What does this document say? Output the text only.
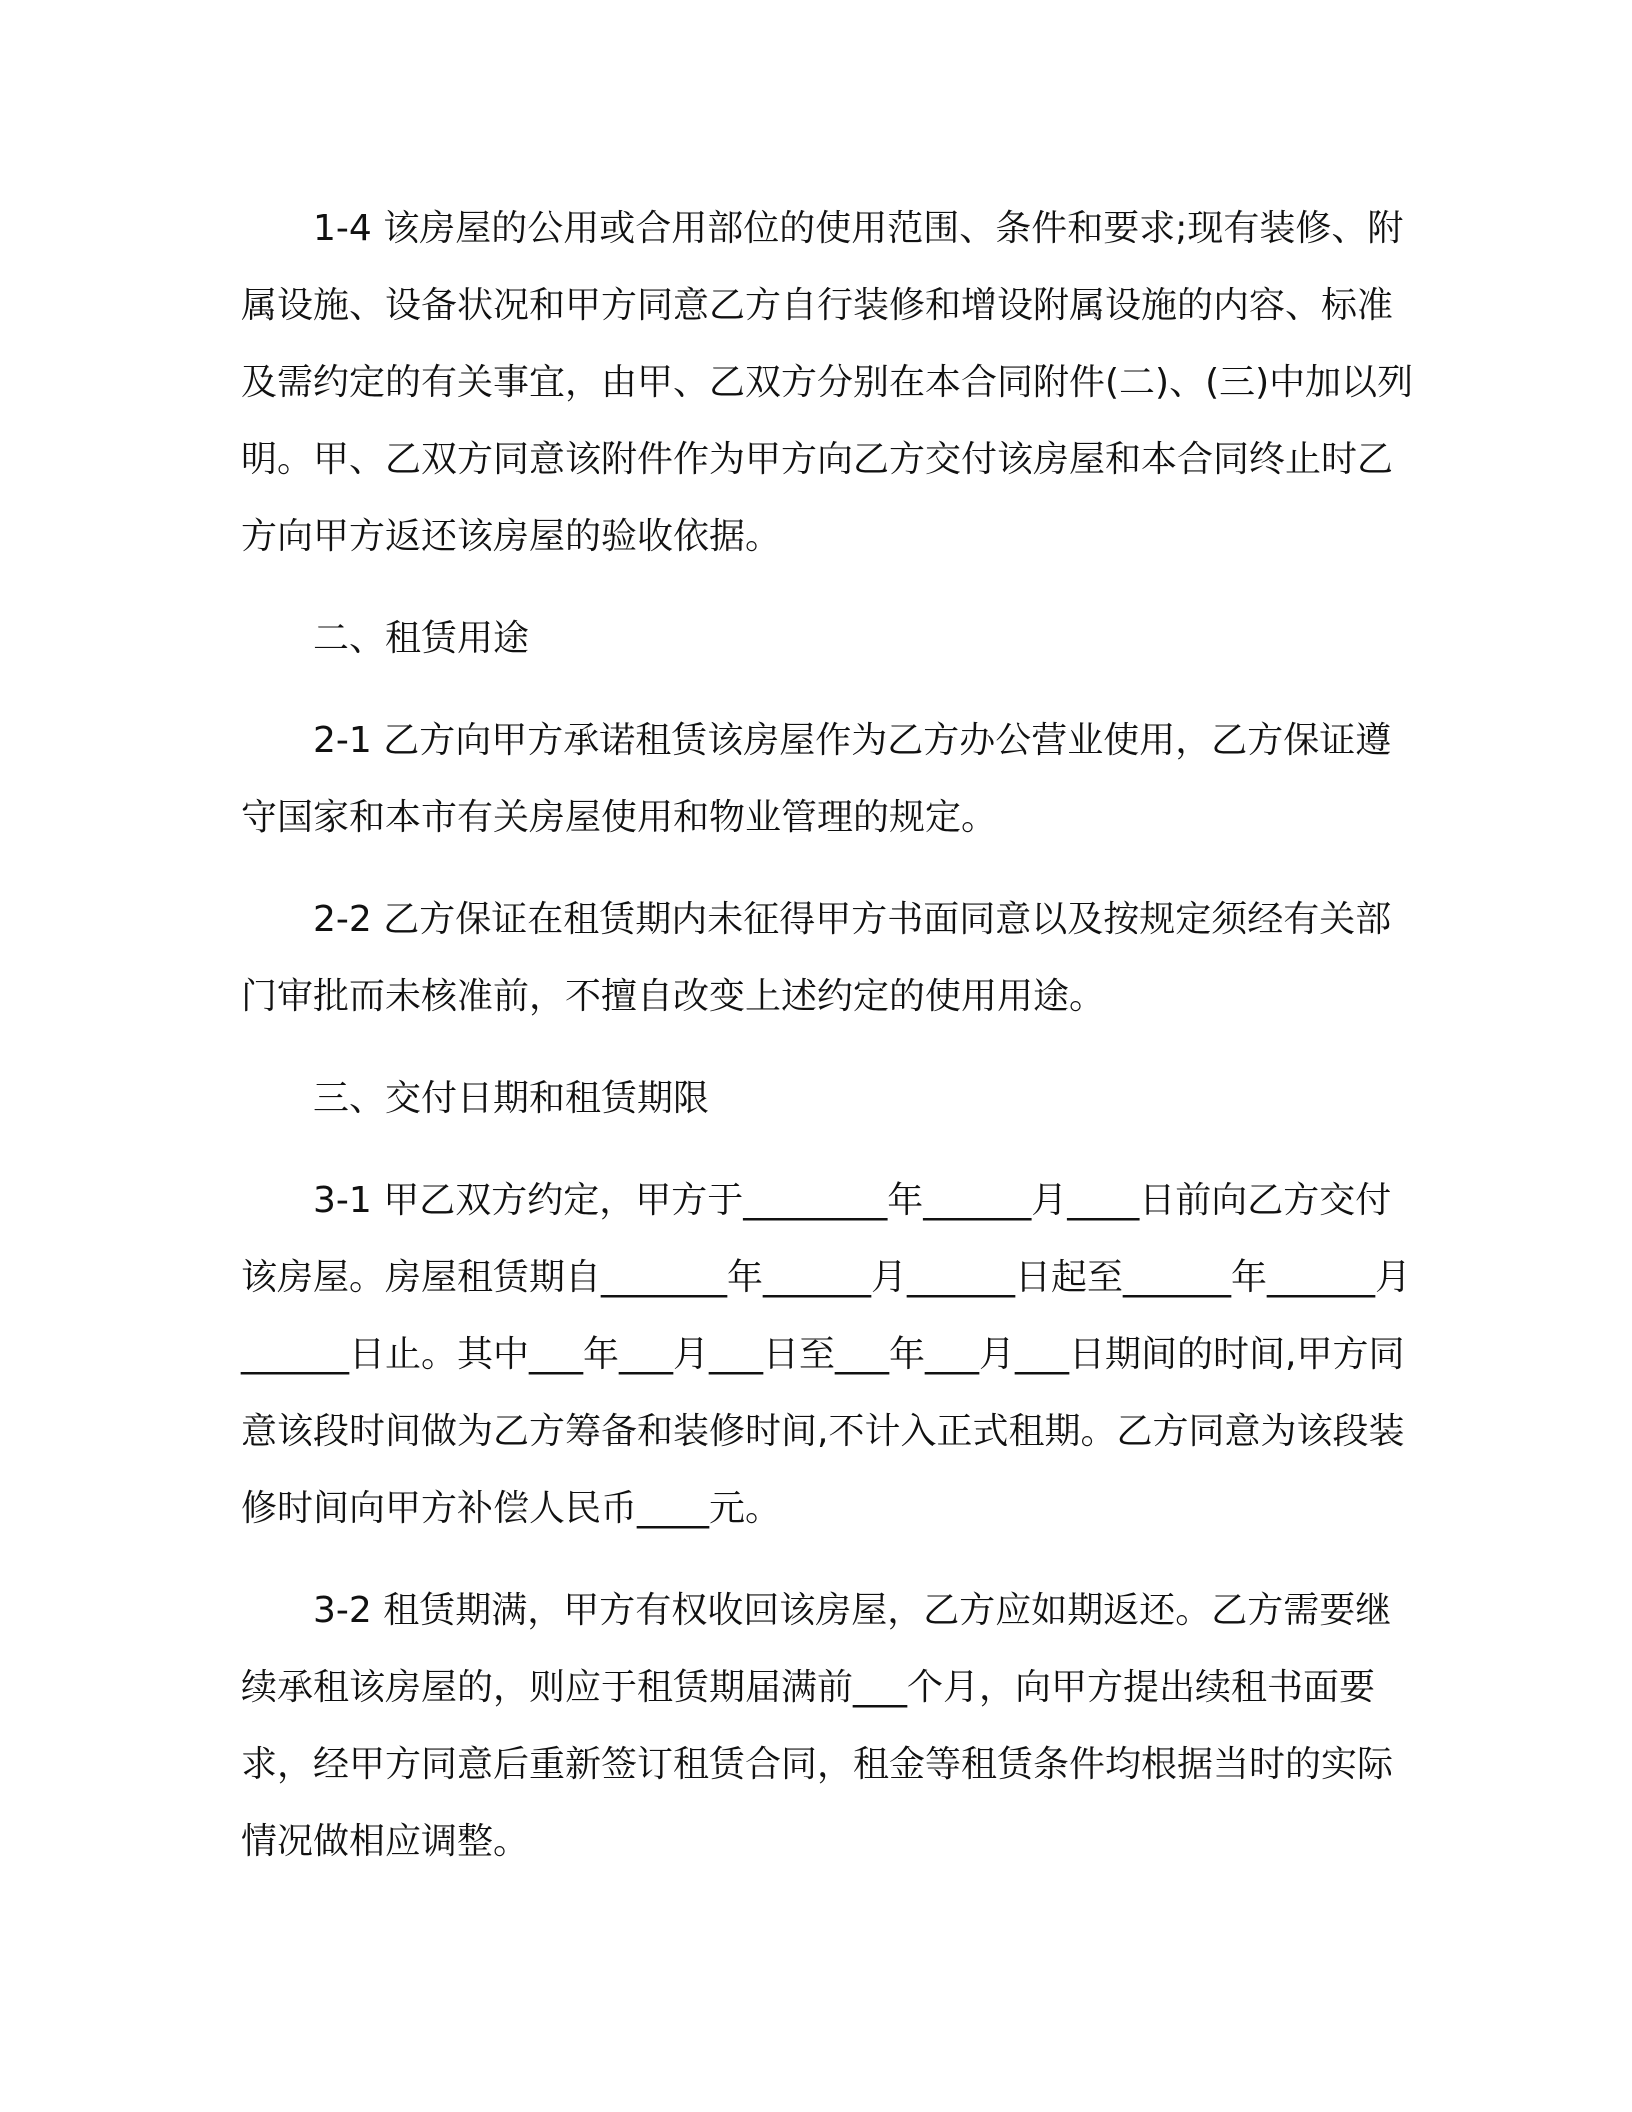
1-4 该房屋的公用或合用部位的使用范围、条件和要求;现有装修、附属设施、设备状况和甲方同意乙方自行装修和增设附属设施的内容、标准及需约定的有关事宜，由甲、乙双方分别在本合同附件(二)、(三)中加以列明。甲、乙双方同意该附件作为甲方向乙方交付该房屋和本合同终止时乙方向甲方返还该房屋的验收依据。

二、租赁用途

2-1 乙方向甲方承诺租赁该房屋作为乙方办公营业使用，乙方保证遵守国家和本市有关房屋使用和物业管理的规定。

2-2 乙方保证在租赁期内未征得甲方书面同意以及按规定须经有关部门审批而未核准前，不擅自改变上述约定的使用用途。

三、交付日期和租赁期限

3-1 甲乙双方约定，甲方于________年______月____日前向乙方交付该房屋。房屋租赁期自_______年______月______日起至______年______月______日止。其中___年___月___日至___年___月___日期间的时间,甲方同意该段时间做为乙方筹备和装修时间,不计入正式租期。乙方同意为该段装修时间向甲方补偿人民币____元。

3-2 租赁期满，甲方有权收回该房屋，乙方应如期返还。乙方需要继续承租该房屋的，则应于租赁期届满前___个月，向甲方提出续租书面要求，经甲方同意后重新签订租赁合同，租金等租赁条件均根据当时的实际情况做相应调整。
